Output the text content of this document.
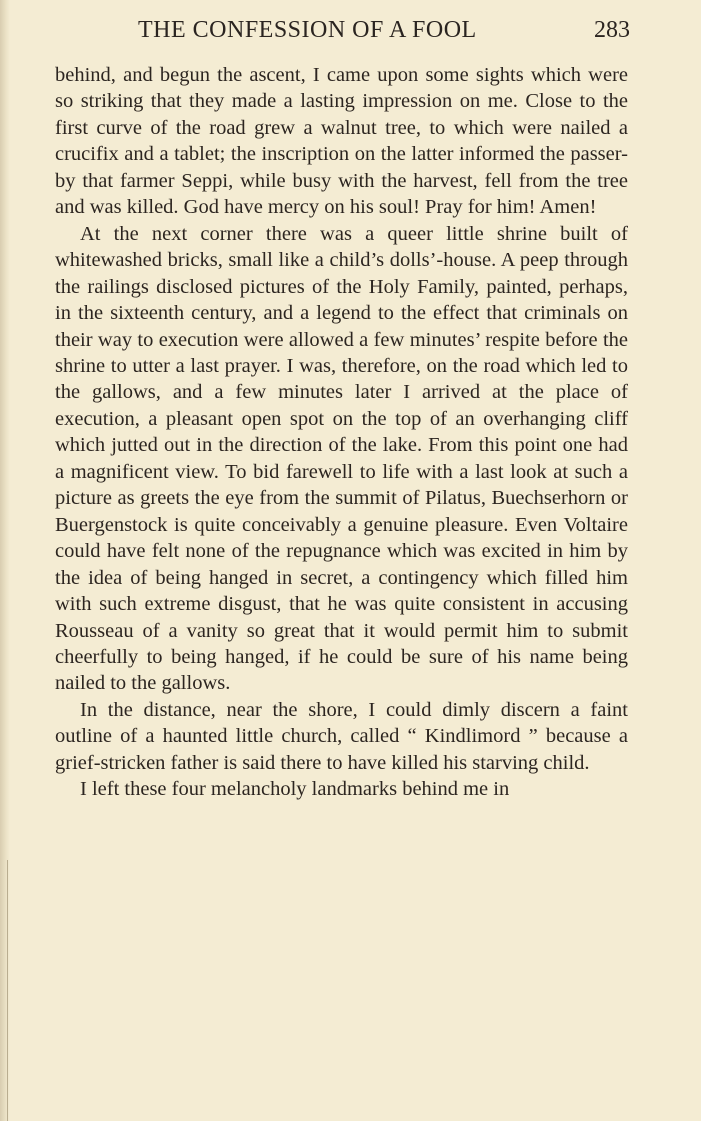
THE CONFESSION OF A FOOL	283

behind, and begun the ascent, I came upon some sights which were so striking that they made a lasting impression on me. Close to the first curve of the road grew a walnut tree, to which were nailed a crucifix and a tablet; the inscription on the latter informed the passer-by that farmer Seppi, while busy with the harvest, fell from the tree and was killed. God have mercy on his soul! Pray for him! Amen!

At the next corner there was a queer little shrine built of whitewashed bricks, small like a child’s dolls’-house. A peep through the railings disclosed pictures of the Holy Family, painted, perhaps, in the sixteenth century, and a legend to the effect that criminals on their way to execution were allowed a few minutes’ respite before the shrine to utter a last prayer. I was, therefore, on the road which led to the gallows, and a few minutes later I arrived at the place of execution, a pleasant open spot on the top of an overhanging cliff which jutted out in the direction of the lake. From this point one had a magnificent view. To bid farewell to life with a last look at such a picture as greets the eye from the summit of Pilatus, Buechserhorn or Buergenstock is quite conceivably a genuine pleasure. Even Voltaire could have felt none of the repugnance which was excited in him by the idea of being hanged in secret, a contingency which filled him with such extreme disgust, that he was quite consistent in accusing Rousseau of a vanity so great that it would permit him to submit cheerfully to being hanged, if he could be sure of his name being nailed to the gallows.

In the distance, near the shore, I could dimly discern a faint outline of a haunted little church, called “ Kindlimord ” because a grief-stricken father is said there to have killed his starving child.

I left these four melancholy landmarks behind me in
